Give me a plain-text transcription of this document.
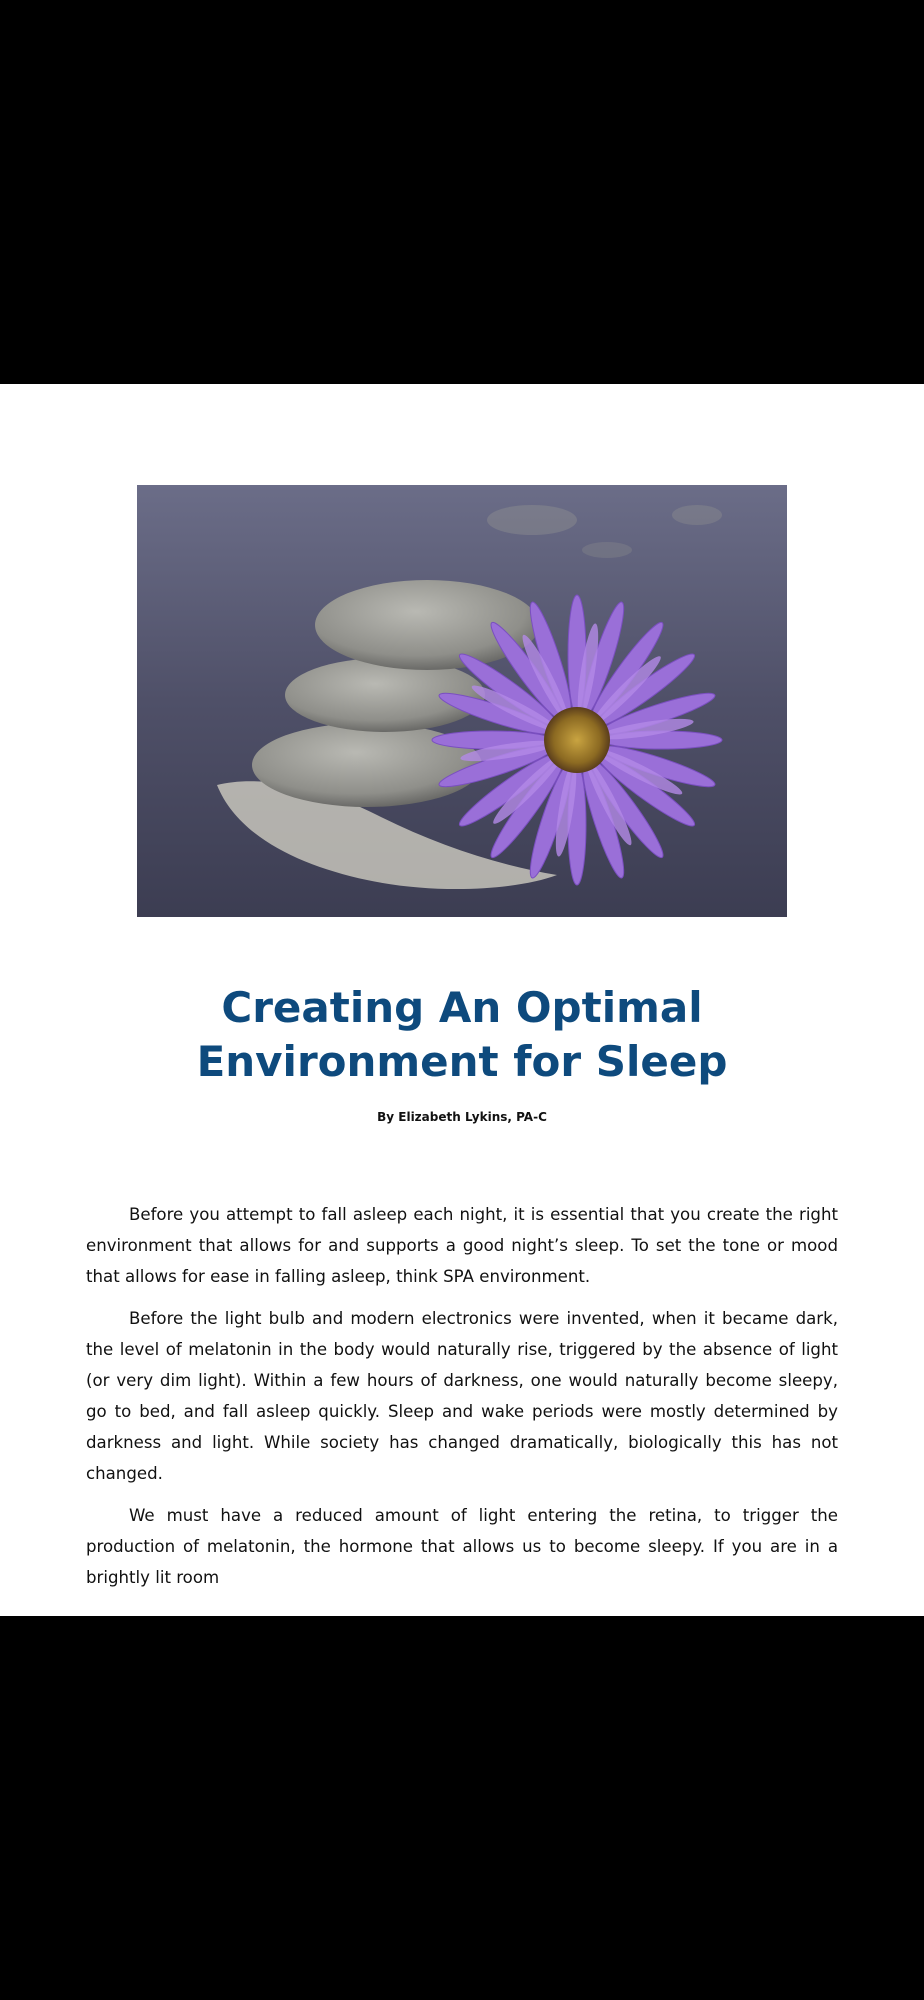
Creating An Optimal
Environment for Sleep

By Elizabeth Lykins, PA-C

Before you attempt to fall asleep each night, it is essential that you create the right environment that allows for and supports a good night’s sleep. To set the tone or mood that allows for ease in falling asleep, think SPA environment.

Before the light bulb and modern electronics were invented, when it became dark, the level of melatonin in the body would naturally rise, triggered by the absence of light (or very dim light). Within a few hours of darkness, one would naturally become sleepy, go to bed, and fall asleep quickly. Sleep and wake periods were mostly determined by darkness and light. While society has changed dramatically, biologically this has not changed.

We must have a reduced amount of light entering the retina, to trigger the production of melatonin, the hormone that allows us to become sleepy. If you are in a brightly lit room
